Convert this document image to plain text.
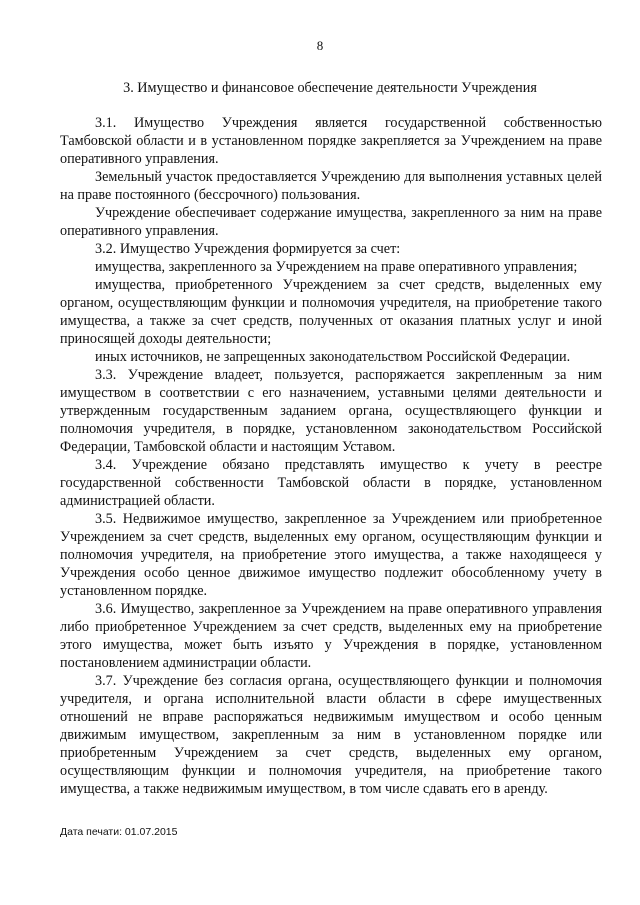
8
3. Имущество и финансовое обеспечение деятельности Учреждения

3.1. Имущество Учреждения является государственной собственностью Тамбовской области и в установленном порядке закрепляется за Учреждением на праве оперативного управления.

Земельный участок предоставляется Учреждению для выполнения уставных целей на праве постоянного (бессрочного) пользования.

Учреждение обеспечивает содержание имущества, закрепленного за ним на праве оперативного управления.

3.2. Имущество Учреждения формируется за счет:

имущества, закрепленного за Учреждением на праве оперативного управления;

имущества, приобретенного Учреждением за счет средств, выделенных ему органом, осуществляющим функции и полномочия учредителя, на приобретение такого имущества, а также за счет средств, полученных от оказания платных услуг и иной приносящей доходы деятельности;

иных источников, не запрещенных законодательством Российской Федерации.

3.3. Учреждение владеет, пользуется, распоряжается закрепленным за ним имуществом в соответствии с его назначением, уставными целями деятельности и утвержденным государственным заданием органа, осуществляющего функции и полномочия учредителя, в порядке, установленном законодательством Российской Федерации, Тамбовской области и настоящим Уставом.

3.4. Учреждение обязано представлять имущество к учету в реестре государственной собственности Тамбовской области в порядке, установленном администрацией области.

3.5. Недвижимое имущество, закрепленное за Учреждением или приобретенное Учреждением за счет средств, выделенных ему органом, осуществляющим функции и полномочия учредителя, на приобретение этого имущества, а также находящееся у Учреждения особо ценное движимое имущество подлежит обособленному учету в установленном порядке.

3.6. Имущество, закрепленное за Учреждением на праве оперативного управления либо приобретенное Учреждением за счет средств, выделенных ему на приобретение этого имущества, может быть изъято у Учреждения в порядке, установленном постановлением администрации области.

3.7. Учреждение без согласия органа, осуществляющего функции и полномочия учредителя, и органа исполнительной власти области в сфере имущественных отношений не вправе распоряжаться недвижимым имуществом и особо ценным движимым имуществом, закрепленным за ним в установленном порядке или приобретенным Учреждением за счет средств, выделенных ему органом, осуществляющим функции и полномочия учредителя, на приобретение такого имущества, а также недвижимым имуществом, в том числе сдавать его в аренду.

Дата печати: 01.07.2015
